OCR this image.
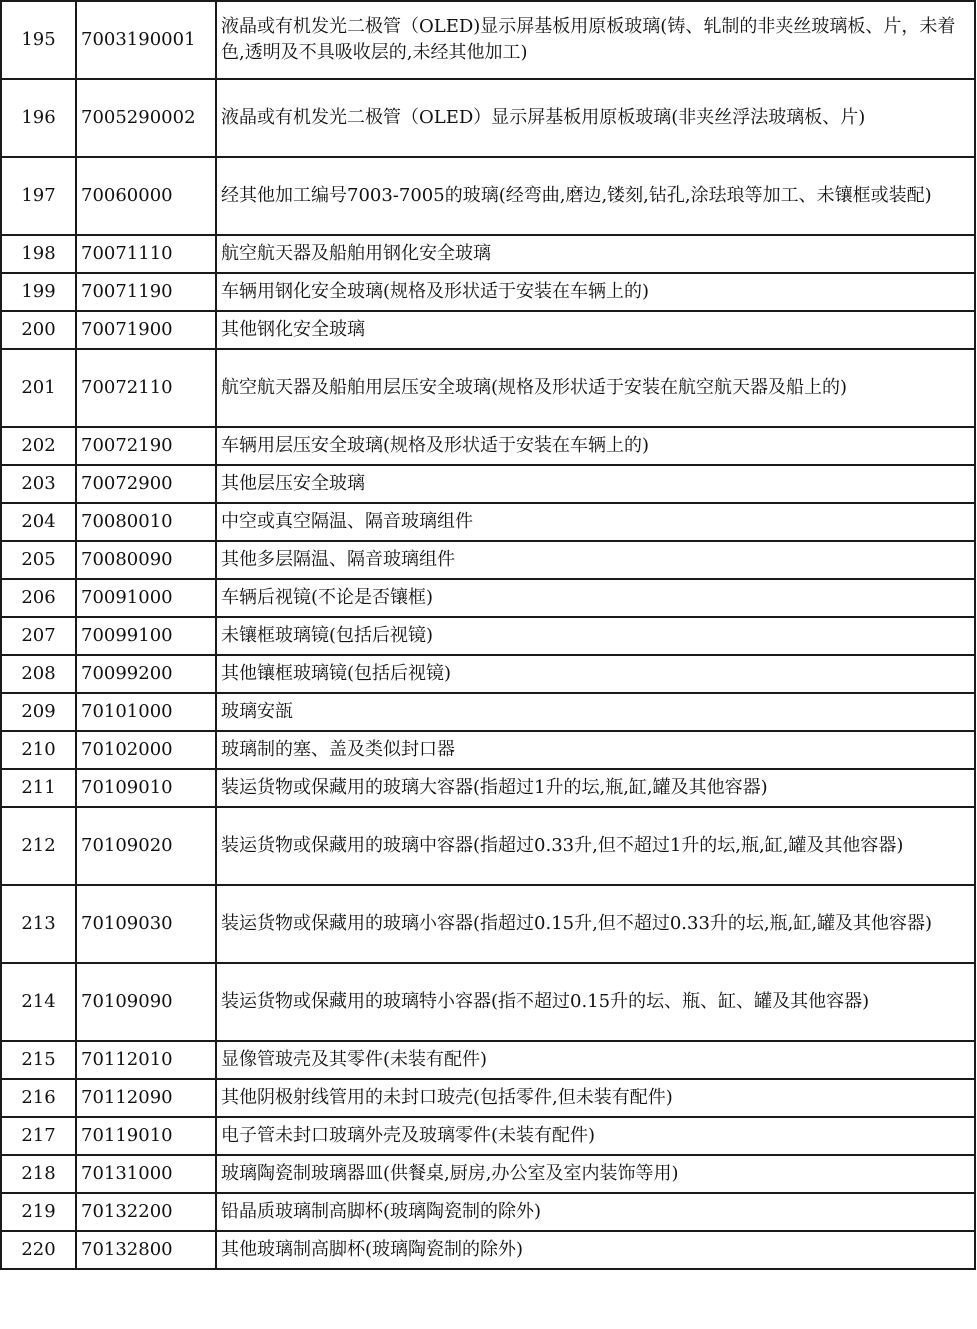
195	7003190001	液晶或有机发光二极管（OLED)显示屏基板用原板玻璃(铸、轧制的非夹丝玻璃板、片，未着色,透明及不具吸收层的,未经其他加工)
196	7005290002	液晶或有机发光二极管（OLED）显示屏基板用原板玻璃(非夹丝浮法玻璃板、片)
197	70060000	经其他加工编号7003-7005的玻璃(经弯曲,磨边,镂刻,钻孔,涂珐琅等加工、未镶框或装配)
198	70071110	航空航天器及船舶用钢化安全玻璃
199	70071190	车辆用钢化安全玻璃(规格及形状适于安装在车辆上的)
200	70071900	其他钢化安全玻璃
201	70072110	航空航天器及船舶用层压安全玻璃(规格及形状适于安装在航空航天器及船上的)
202	70072190	车辆用层压安全玻璃(规格及形状适于安装在车辆上的)
203	70072900	其他层压安全玻璃
204	70080010	中空或真空隔温、隔音玻璃组件
205	70080090	其他多层隔温、隔音玻璃组件
206	70091000	车辆后视镜(不论是否镶框)
207	70099100	未镶框玻璃镜(包括后视镜)
208	70099200	其他镶框玻璃镜(包括后视镜)
209	70101000	玻璃安瓿
210	70102000	玻璃制的塞、盖及类似封口器
211	70109010	装运货物或保藏用的玻璃大容器(指超过1升的坛,瓶,缸,罐及其他容器)
212	70109020	装运货物或保藏用的玻璃中容器(指超过0.33升,但不超过1升的坛,瓶,缸,罐及其他容器)
213	70109030	装运货物或保藏用的玻璃小容器(指超过0.15升,但不超过0.33升的坛,瓶,缸,罐及其他容器)
214	70109090	装运货物或保藏用的玻璃特小容器(指不超过0.15升的坛、瓶、缸、罐及其他容器)
215	70112010	显像管玻壳及其零件(未装有配件)
216	70112090	其他阴极射线管用的未封口玻壳(包括零件,但未装有配件)
217	70119010	电子管未封口玻璃外壳及玻璃零件(未装有配件)
218	70131000	玻璃陶瓷制玻璃器皿(供餐桌,厨房,办公室及室内装饰等用)
219	70132200	铅晶质玻璃制高脚杯(玻璃陶瓷制的除外)
220	70132800	其他玻璃制高脚杯(玻璃陶瓷制的除外)
